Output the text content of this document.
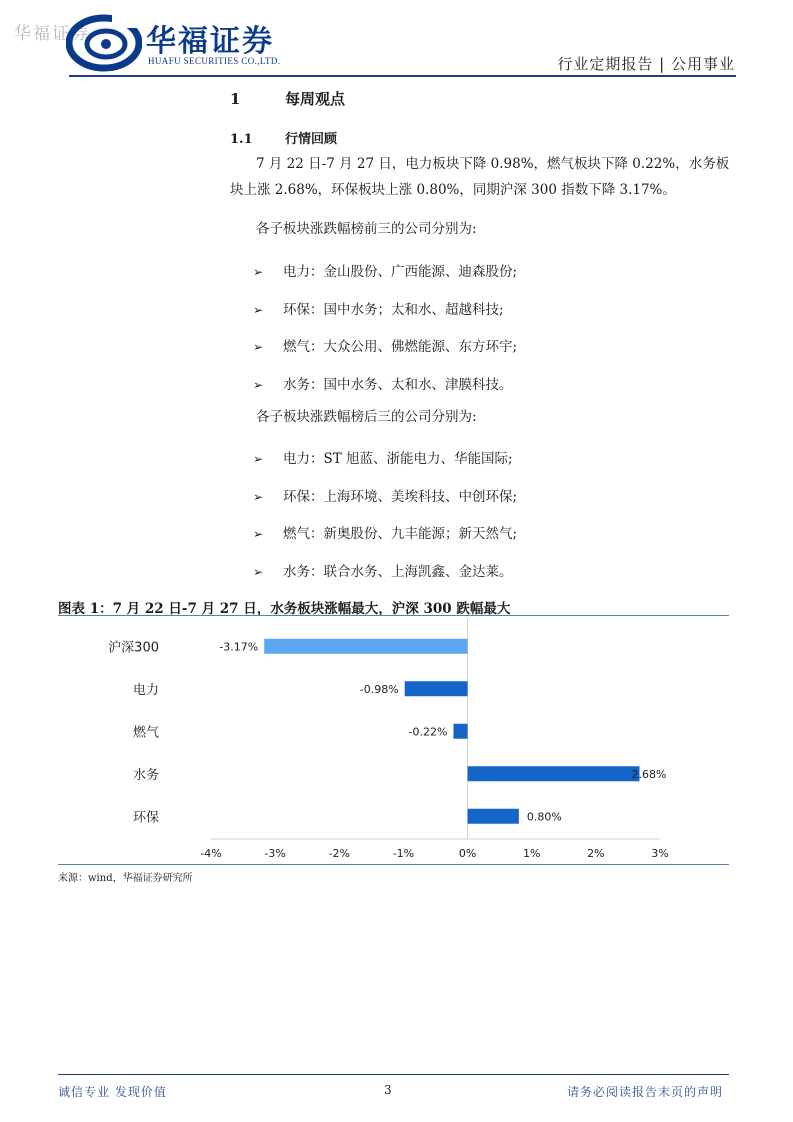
华福证券 华福证券
HUAFU SECURITIES CO.,LTD.	行业定期报告 | 公用事业
1	每周观点
1.1 行情回顾
7 月 22 日-7 月 27 日，电力板块下降 0.98%，燃气板块下降 0.22%，水务板块上涨 2.68%，环保板块上涨 0.80%，同期沪深 300 指数下降 3.17%。
各子板块涨跌幅榜前三的公司分别为:
➢ 电力：金山股份、广西能源、迪森股份;
➢ 环保：国中水务；太和水、超越科技;
➢ 燃气：大众公用、佛燃能源、东方环宇;
➢ 水务：国中水务、太和水、津膜科技。
各子板块涨跌幅榜后三的公司分别为:
➢ 电力：ST 旭蓝、浙能电力、华能国际;
➢ 环保：上海环境、美埃科技、中创环保;
➢ 燃气：新奥股份、九丰能源；新天然气;
➢ 水务：联合水务、上海凯鑫、金达莱。
图表 1：7 月 22 日-7 月 27 日，水务板块涨幅最大，沪深 300 跌幅最大
沪深300	-3.17%
电力	-0.98%
燃气	-0.22%
水务	2.68%
环保	0.80%
-4%	-3%	-2%	-1%	0%	1%	2%	3%
来源：wind，华福证券研究所
诚信专业 发现价值	3	请务必阅读报告末页的声明
